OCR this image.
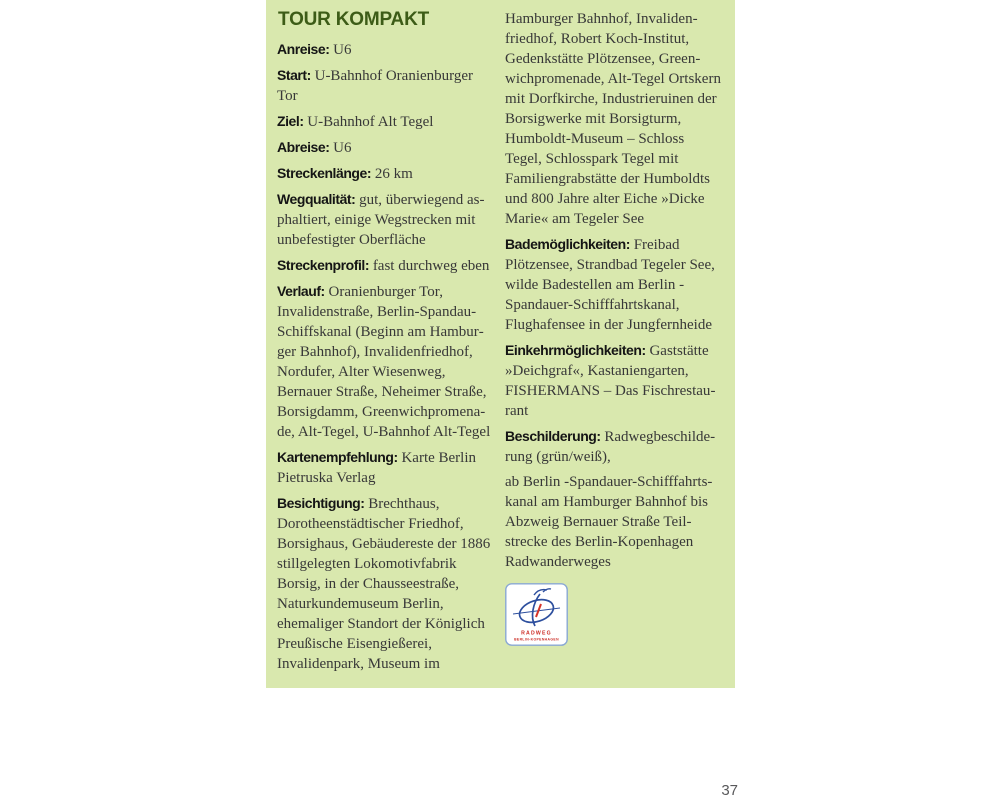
TOUR KOMPAKT

Anreise: U6

Start: U-Bahnhof Oranienburger Tor

Ziel: U-Bahnhof Alt Tegel

Abreise: U6

Streckenlänge: 26 km

Wegqualität: gut, überwiegend asphaltiert, einige Wegstrecken mit unbefestigter Oberfläche

Streckenprofil: fast durchweg eben

Verlauf: Oranienburger Tor, Invalidenstraße, Berlin-Spandau-Schiffskanal (Beginn am Hamburger Bahnhof), Invalidenfriedhof, Nordufer, Alter Wiesenweg, Bernauer Straße, Neheimer Straße, Borsigdamm, Greenwichpromenade, Alt-Tegel, U-Bahnhof Alt-Tegel

Kartenempfehlung: Karte Berlin Pietruska Verlag

Besichtigung: Brechthaus, Dorotheenstädtischer Friedhof, Borsighaus, Gebäudereste der 1886 stillgelegten Lokomotivfabrik Borsig, in der Chausseestraße, Naturkundemuseum Berlin, ehemaliger Standort der Königlich Preußische Eisengießerei, Invalidenpark, Museum im

Hamburger Bahnhof, Invalidenfriedhof, Robert Koch-Institut, Gedenkstätte Plötzensee, Greenwichpromenade, Alt-Tegel Ortskern mit Dorfkirche, Industrieruinen der Borsigwerke mit Borsigturm, Humboldt-Museum – Schloss Tegel, Schlosspark Tegel mit Familiengrabstätte der Humboldts und 800 Jahre alter Eiche »Dicke Marie« am Tegeler See

Bademöglichkeiten: Freibad Plötzensee, Strandbad Tegeler See, wilde Badestellen am Berlin -Spandauer-Schifffahrtskanal, Flughafensee in der Jungfernheide

Einkehrmöglichkeiten: Gaststätte »Deichgraf«, Kastaniengarten, FISHERMANS – Das Fischrestaurant

Beschilderung: Radwegbeschilderung (grün/weiß),

ab Berlin -Spandauer-Schifffahrtskanal am Hamburger Bahnhof bis Abzweig Bernauer Straße Teilstrecke des Berlin-Kopenhagen Radwanderweges

RADWEG
BERLIN-KOPENHAGEN
37
